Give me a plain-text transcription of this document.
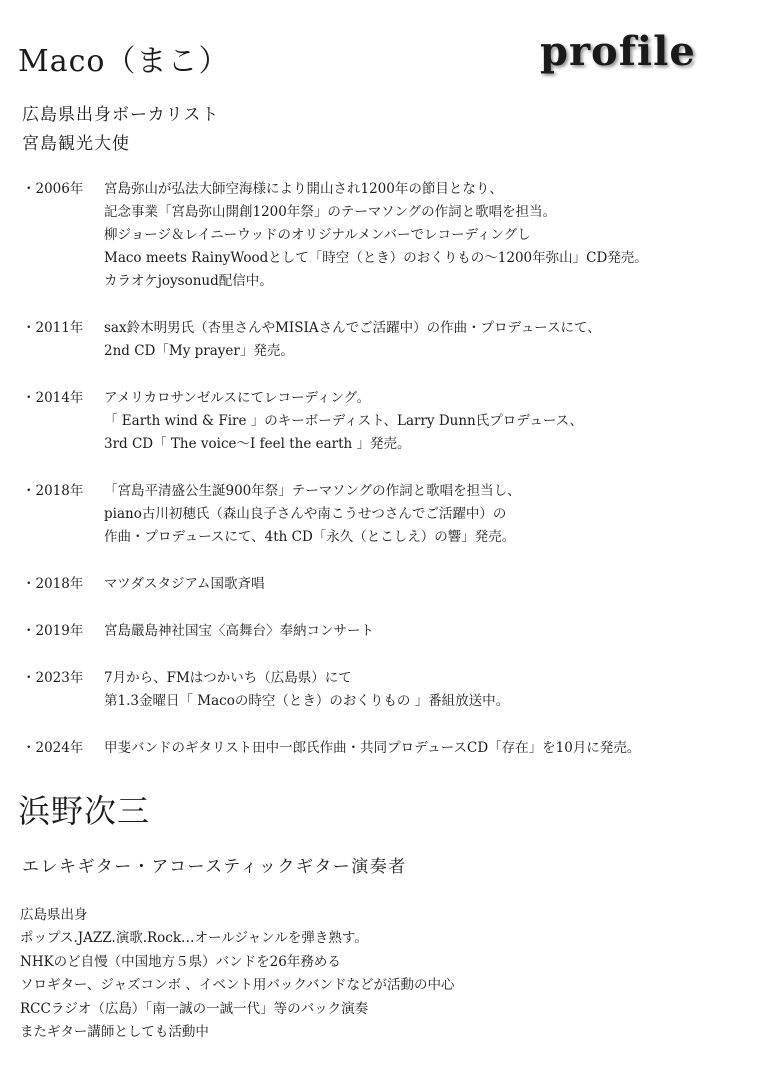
Maco（まこ）	profile
広島県出身ボーカリスト
宮島観光大使
・2006年 宮島弥山が弘法大師空海様により開山され1200年の節目となり、
記念事業「宮島弥山開創1200年祭」のテーマソングの作詞と歌唱を担当。
柳ジョージ＆レイニーウッドのオリジナルメンバーでレコーディングし
Maco meets RainyWoodとして「時空（とき）のおくりもの〜1200年弥山」CD発売。
カラオケjoysonud配信中。
・2011年 sax鈴木明男氏（杏里さんやMISIAさんでご活躍中）の作曲・プロデュースにて、
2nd CD「My prayer」発売。
・2014年 アメリカロサンゼルスにてレコーディング。
「 Earth wind & Fire 」のキーボーディスト、Larry Dunn氏プロデュース、
3rd CD「 The voice〜I feel the earth 」発売。
・2018年 「宮島平清盛公生誕900年祭」テーマソングの作詞と歌唱を担当し、
piano古川初穂氏（森山良子さんや南こうせつさんでご活躍中）の
作曲・プロデュースにて、4th CD「永久（とこしえ）の響」発売。
・2018年 マツダスタジアム国歌斉唱
・2019年 宮島嚴島神社国宝〈高舞台〉奉納コンサート
・2023年 7月から、FMはつかいち（広島県）にて
第1.3金曜日「 Macoの時空（とき）のおくりもの 」番組放送中。
・2024年 甲斐バンドのギタリスト田中一郎氏作曲・共同プロデュースCD「存在」を10月に発売。
浜野次三
エレキギター・アコースティックギター演奏者
広島県出身
ポップス.JAZZ.演歌.Rock…オールジャンルを弾き熟す。
NHKのど自慢（中国地方５県）バンドを26年務める
ソロギター、ジャズコンボ 、イベント用バックバンドなどが活動の中心
RCCラジオ（広島）「南一誠の一誠一代」等のバック演奏
またギター講師としても活動中
